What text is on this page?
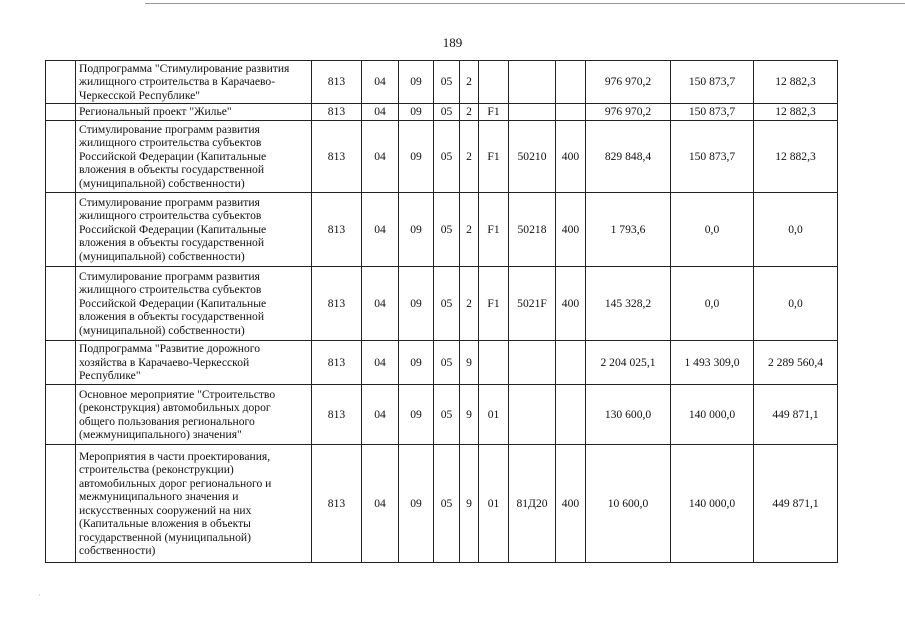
189
	Подпрограмма "Стимулирование развития жилищного строительства в Карачаево-Черкесской Республике"	813	04	09	05	2				976 970,2	150 873,7	12 882,3
	Региональный проект "Жилье"	813	04	09	05	2	F1			976 970,2	150 873,7	12 882,3
	Стимулирование программ развития жилищного строительства субъектов Российской Федерации (Капитальные вложения в объекты государственной (муниципальной) собственности)	813	04	09	05	2	F1	50210	400	829 848,4	150 873,7	12 882,3
	Стимулирование программ развития жилищного строительства субъектов Российской Федерации (Капитальные вложения в объекты государственной (муниципальной) собственности)	813	04	09	05	2	F1	50218	400	1 793,6	0,0	0,0
	Стимулирование программ развития жилищного строительства субъектов Российской Федерации (Капитальные вложения в объекты государственной (муниципальной) собственности)	813	04	09	05	2	F1	5021F	400	145 328,2	0,0	0,0
	Подпрограмма "Развитие дорожного хозяйства в Карачаево-Черкесской Республике"	813	04	09	05	9				2 204 025,1	1 493 309,0	2 289 560,4
	Основное мероприятие "Строительство (реконструкция) автомобильных дорог общего пользования регионального (межмуниципального) значения"	813	04	09	05	9	01			130 600,0	140 000,0	449 871,1
	Мероприятия в части проектирования, строительства (реконструкции) автомобильных дорог регионального и межмуниципального значения и искусственных сооружений на них (Капитальные вложения в объекты государственной (муниципальной) собственности)	813	04	09	05	9	01	81Д20	400	10 600,0	140 000,0	449 871,1
·
